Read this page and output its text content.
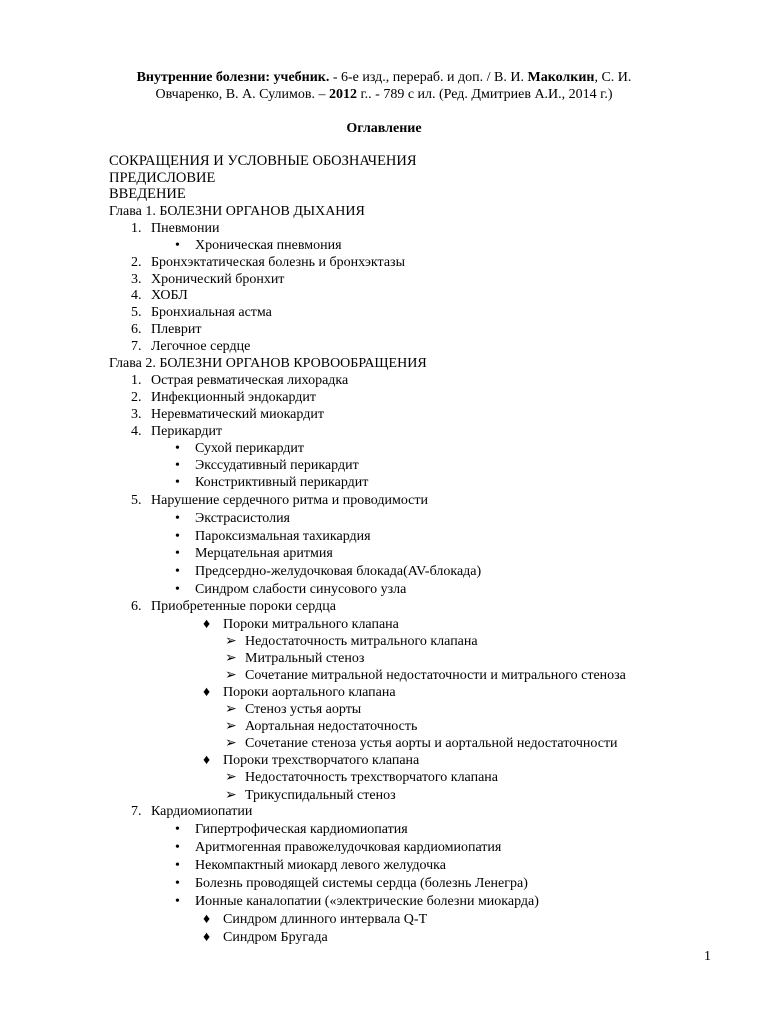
Внутренние болезни: учебник. - 6-е изд., перераб. и доп. / В. И. Маколкин, С. И.
Овчаренко, В. А. Сулимов. – 2012 г.. - 789 с ил. (Ред. Дмитриев А.И., 2014 г.)
Оглавление
СОКРАЩЕНИЯ И УСЛОВНЫЕ ОБОЗНАЧЕНИЯ
ПРЕДИСЛОВИЕ
ВВЕДЕНИЕ
Глава 1. БОЛЕЗНИ ОРГАНОВ ДЫХАНИЯ
1. Пневмонии
• Хроническая пневмония
2. Бронхэктатическая болезнь и бронхэктазы
3. Хронический бронхит
4. ХОБЛ
5. Бронхиальная астма
6. Плеврит
7. Легочное сердце
Глава 2. БОЛЕЗНИ ОРГАНОВ КРОВООБРАЩЕНИЯ
1. Острая ревматическая лихорадка
2. Инфекционный эндокардит
3. Неревматический миокардит
4. Перикардит
• Сухой перикардит
• Экссудативный перикардит
• Констриктивный перикардит
5. Нарушение сердечного ритма и проводимости
• Экстрасистолия
• Пароксизмальная тахикардия
• Мерцательная аритмия
• Предсердно-желудочковая блокада(AV-блокада)
• Синдром слабости синусового узла
6. Приобретенные пороки сердца
♦ Пороки митрального клапана
➢ Недостаточность митрального клапана
➢ Митральный стеноз
➢ Сочетание митральной недостаточности и митрального стеноза
♦ Пороки аортального клапана
➢ Стеноз устья аорты
➢ Аортальная недостаточность
➢ Сочетание стеноза устья аорты и аортальной недостаточности
♦ Пороки трехстворчатого клапана
➢ Недостаточность трехстворчатого клапана
➢ Трикуспидальный стеноз
7. Кардиомиопатии
• Гипертрофическая кардиомиопатия
• Аритмогенная правожелудочковая кардиомиопатия
• Некомпактный миокард левого желудочка
• Болезнь проводящей системы сердца (болезнь Ленегра)
• Ионные каналопатии («электрические болезни миокарда)
♦ Синдром длинного интервала Q-T
♦ Синдром Бругада
1
